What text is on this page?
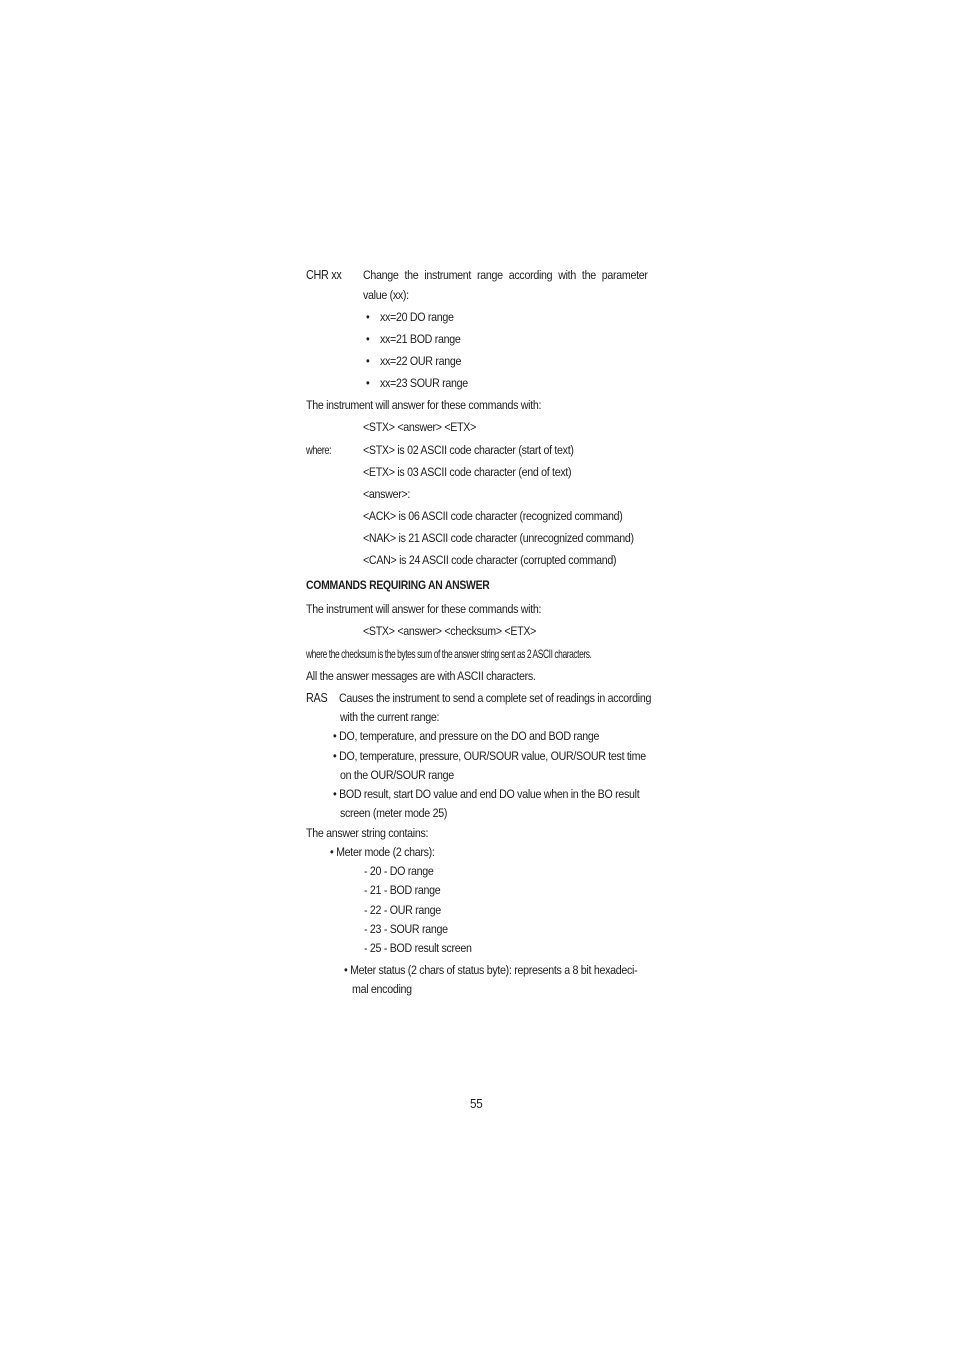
CHR xx Change the instrument range according with the parameter
value (xx):
• xx=20 DO range
• xx=21 BOD range
• xx=22 OUR range
• xx=23 SOUR range
The instrument will answer for these commands with:
<STX> <answer> <ETX>
where:	<STX> is 02 ASCII code character (start of text)
<ETX> is 03 ASCII code character (end of text)
<answer>:
<ACK> is 06 ASCII code character (recognized command)
<NAK> is 21 ASCII code character (unrecognized command)
<CAN> is 24 ASCII code character (corrupted command)
COMMANDS REQUIRING AN ANSWER
The instrument will answer for these commands with:
<STX> <answer> <checksum> <ETX>
where the checksum is the bytes sum of the answer string sent as 2 ASCII characters.
All the answer messages are with ASCII characters.
RAS Causes the instrument to send a complete set of readings in according
with the current range:
• DO, temperature, and pressure on the DO and BOD range
• DO, temperature, pressure, OUR/SOUR value, OUR/SOUR test time
on the OUR/SOUR range
• BOD result, start DO value and end DO value when in the BO result
screen (meter mode 25)
The answer string contains:
• Meter mode (2 chars):
- 20 - DO range
- 21 - BOD range
- 22 - OUR range
- 23 - SOUR range
- 25 - BOD result screen
• Meter status (2 chars of status byte): represents a 8 bit hexadeci-
mal encoding
55
